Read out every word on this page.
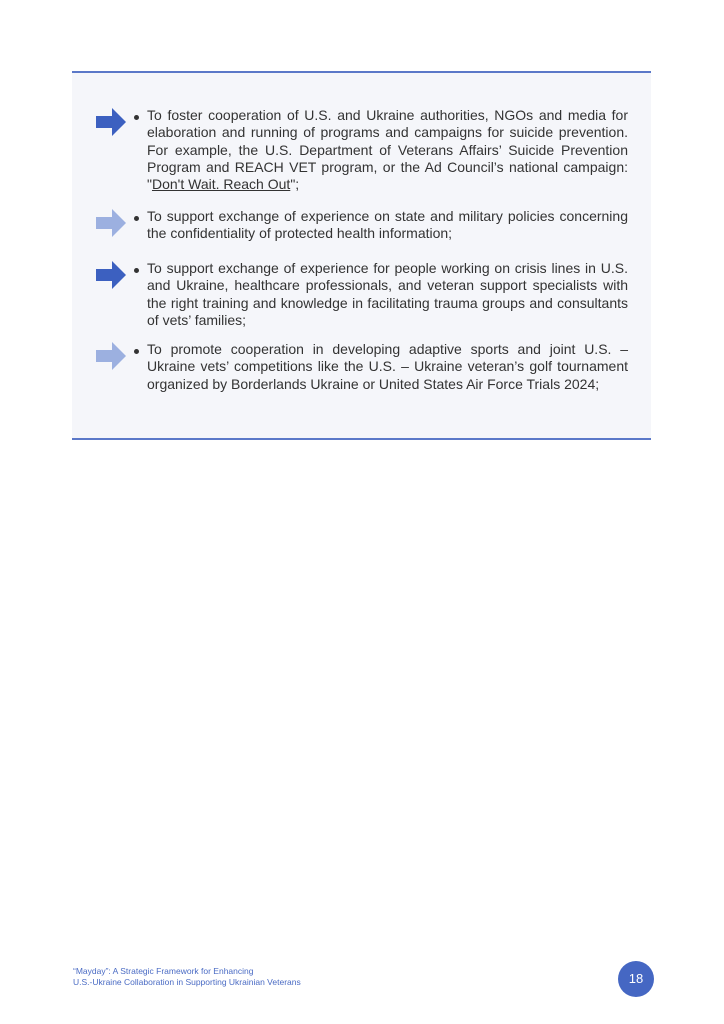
To foster cooperation of U.S. and Ukraine authorities, NGOs and media for elaboration and running of programs and campaigns for suicide prevention. For example, the U.S. Department of Veterans Affairs’ Suicide Prevention Program and REACH VET program, or the Ad Council’s national campaign: "Don't Wait. Reach Out";
To support exchange of experience on state and military policies concerning the confidentiality of protected health information;
To support exchange of experience for people working on crisis lines in U.S. and Ukraine, healthcare professionals, and veteran support specialists with the right training and knowledge in facilitating trauma groups and consultants of vets’ families;
To promote cooperation in developing adaptive sports and joint U.S. – Ukraine vets’ competitions like the U.S. – Ukraine veteran’s golf tournament organized by Borderlands Ukraine or United States Air Force Trials 2024;
“Mayday”: A Strategic Framework for Enhancing
U.S.-Ukraine Collaboration in Supporting Ukrainian Veterans	18
